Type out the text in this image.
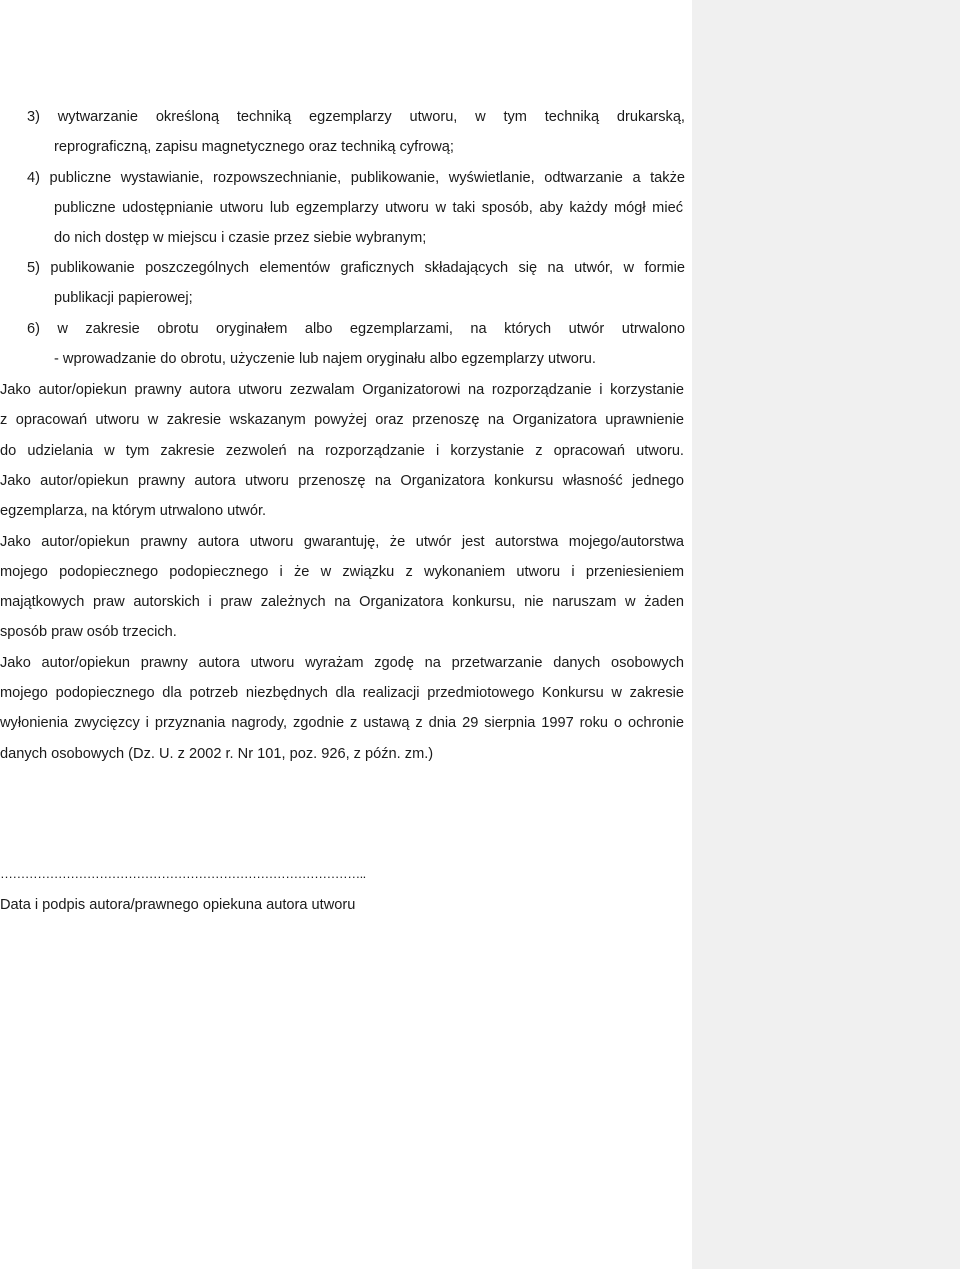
3) wytwarzanie określoną techniką egzemplarzy utworu, w tym techniką drukarską,
reprograficzną, zapisu magnetycznego oraz techniką cyfrową;
4) publiczne wystawianie, rozpowszechnianie, publikowanie, wyświetlanie, odtwarzanie a także
publiczne udostępnianie utworu lub egzemplarzy utworu w taki sposób, aby każdy mógł mieć
do nich dostęp w miejscu i czasie przez siebie wybranym;
5) publikowanie poszczególnych elementów graficznych składających się na utwór, w formie
publikacji papierowej;
6) w zakresie obrotu oryginałem albo egzemplarzami, na których utwór utrwalono
- wprowadzanie do obrotu, użyczenie lub najem oryginału albo egzemplarzy utworu.
Jako autor/opiekun prawny autora utworu zezwalam Organizatorowi na rozporządzanie i korzystanie
z opracowań utworu w zakresie wskazanym powyżej oraz przenoszę na Organizatora uprawnienie
do udzielania w tym zakresie zezwoleń na rozporządzanie i korzystanie z opracowań utworu.
Jako autor/opiekun prawny autora utworu przenoszę na Organizatora konkursu własność jednego
egzemplarza, na którym utrwalono utwór.
Jako autor/opiekun prawny autora utworu gwarantuję, że utwór jest autorstwa mojego/autorstwa
mojego podopiecznego podopiecznego i że w związku z wykonaniem utworu i przeniesieniem
majątkowych praw autorskich i praw zależnych na Organizatora konkursu, nie naruszam w żaden
sposób praw osób trzecich.
Jako autor/opiekun prawny autora utworu wyrażam zgodę na przetwarzanie danych osobowych
mojego podopiecznego dla potrzeb niezbędnych dla realizacji przedmiotowego Konkursu w zakresie
wyłonienia zwycięzcy i przyznania nagrody, zgodnie z ustawą z dnia 29 sierpnia 1997 roku o ochronie
danych osobowych (Dz. U. z 2002 r. Nr 101, poz. 926, z późn. zm.)
……………………………………………………………………………..
Data i podpis autora/prawnego opiekuna autora utworu
